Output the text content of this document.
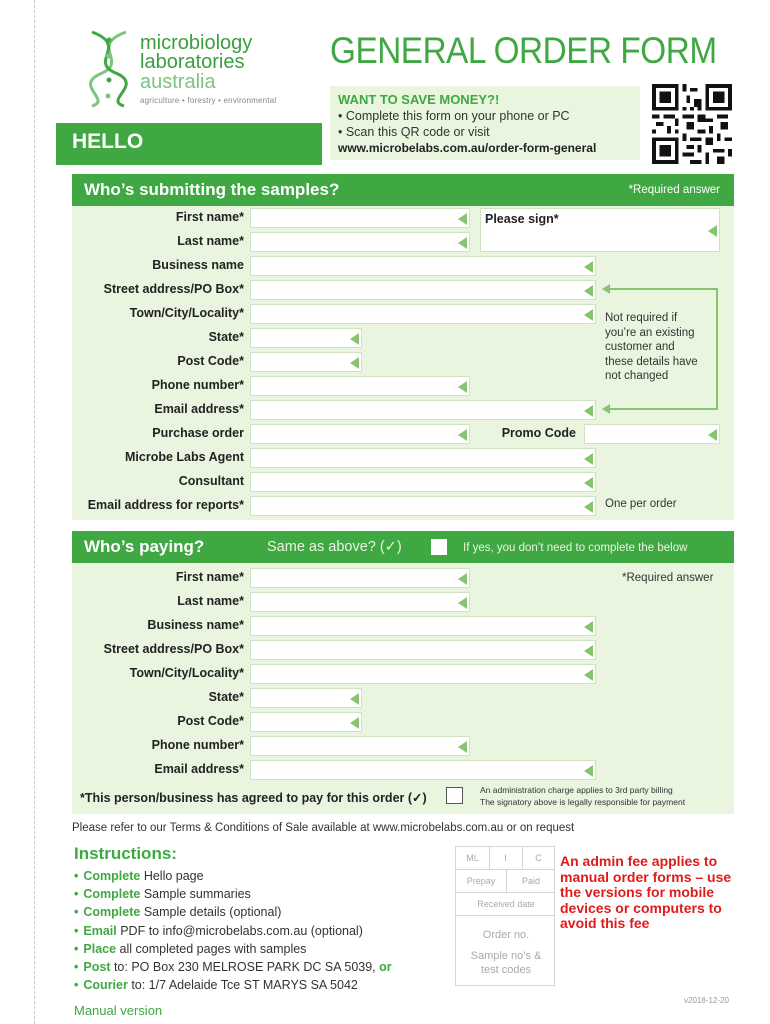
microbiology
laboratories
australia
agriculture • forestry • environmental
GENERAL ORDER FORM
HELLO
WANT TO SAVE MONEY?!
• Complete this form on your phone or PC
• Scan this QR code or visit
www.microbelabs.com.au/order-form-general
Who’s submitting the samples?	*Required answer
First name*
Last name*
Please sign*
Business name
Street address/PO Box*
Town/City/Locality*
State*
Post Code*
Phone number*
Email address*
Purchase order	Promo Code
Microbe Labs Agent
Consultant
Email address for reports*
Not required if
you’re an existing
customer and
these details have
not changed
One per order
Who’s paying?	Same as above? (✓)	If yes, you don’t need to complete the below
First name*	*Required answer
Last name*
Business name*
Street address/PO Box*
Town/City/Locality*
State*
Post Code*
Phone number*
Email address*
*This person/business has agreed to pay for this order (✓)
An administration charge applies to 3rd party billing
The signatory above is legally responsible for payment
Please refer to our Terms & Conditions of Sale available at www.microbelabs.com.au or on request
Instructions:
• Complete Hello page
• Complete Sample summaries
• Complete Sample details (optional)
• Email PDF to info@microbelabs.com.au (optional)
• Place all completed pages with samples
• Post to: PO Box 230 MELROSE PARK DC SA 5039, or
• Courier to: 1/7 Adelaide Tce ST MARYS SA 5042
ML	I	C
Prepay	Paid
Received date
Order no.
Sample no’s &
test codes
An admin fee applies to manual order forms – use the versions for mobile devices or computers to avoid this fee
Manual version
v2018-12-20
